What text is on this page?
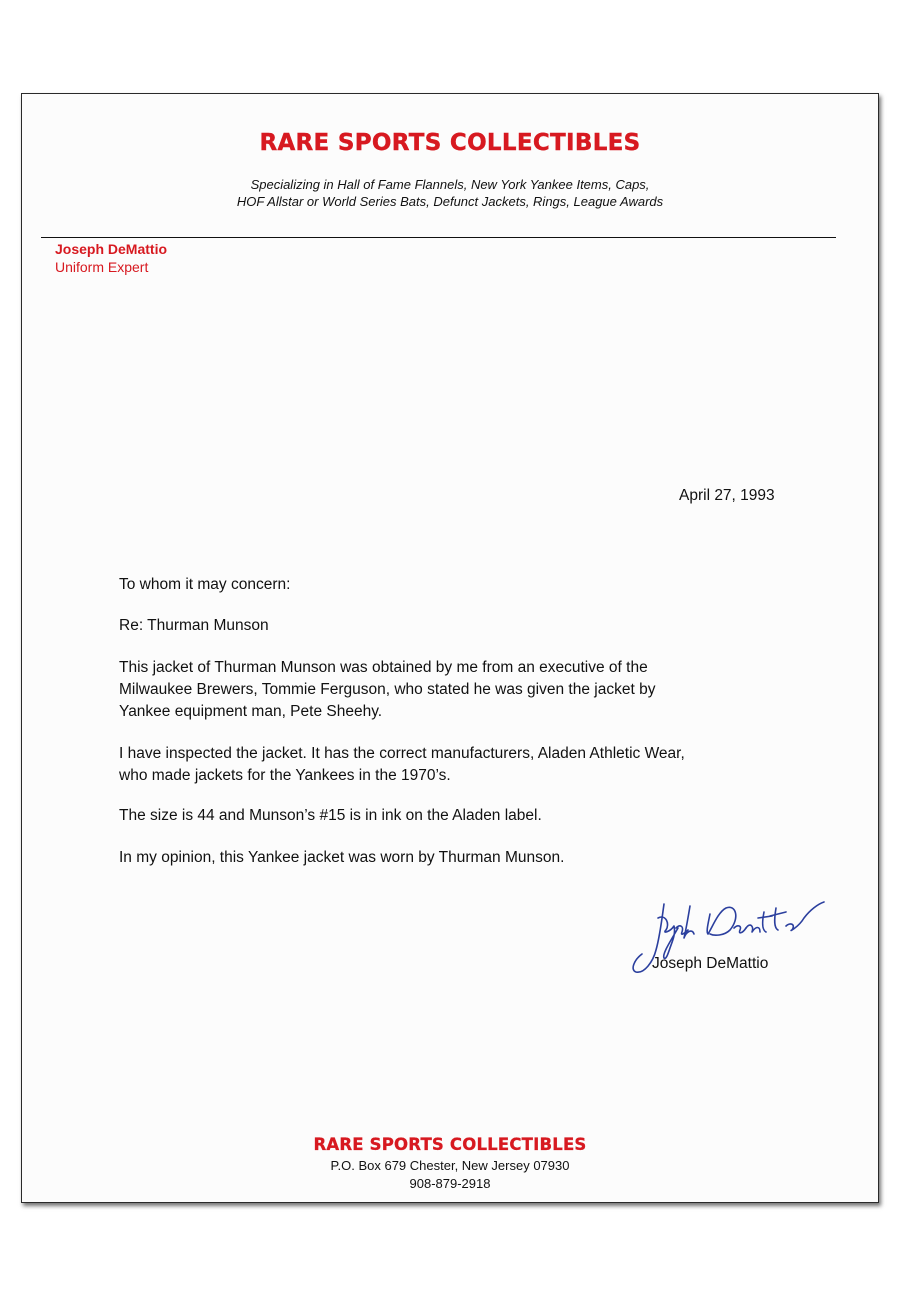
RARE SPORTS COLLECTIBLES
Specializing in Hall of Fame Flannels, New York Yankee Items, Caps,
HOF Allstar or World Series Bats, Defunct Jackets, Rings, League Awards
Joseph DeMattio
Uniform Expert
April 27, 1993
To whom it may concern:
Re: Thurman Munson
This jacket of Thurman Munson was obtained by me from an executive of the
Milwaukee Brewers, Tommie Ferguson, who stated he was given the jacket by
Yankee equipment man, Pete Sheehy.
I have inspected the jacket. It has the correct manufacturers, Aladen Athletic Wear,
who made jackets for the Yankees in the 1970’s.
The size is 44 and Munson’s #15 is in ink on the Aladen label.
In my opinion, this Yankee jacket was worn by Thurman Munson.
Joseph DeMattio
RARE SPORTS COLLECTIBLES
P.O. Box 679 Chester, New Jersey 07930
908-879-2918
